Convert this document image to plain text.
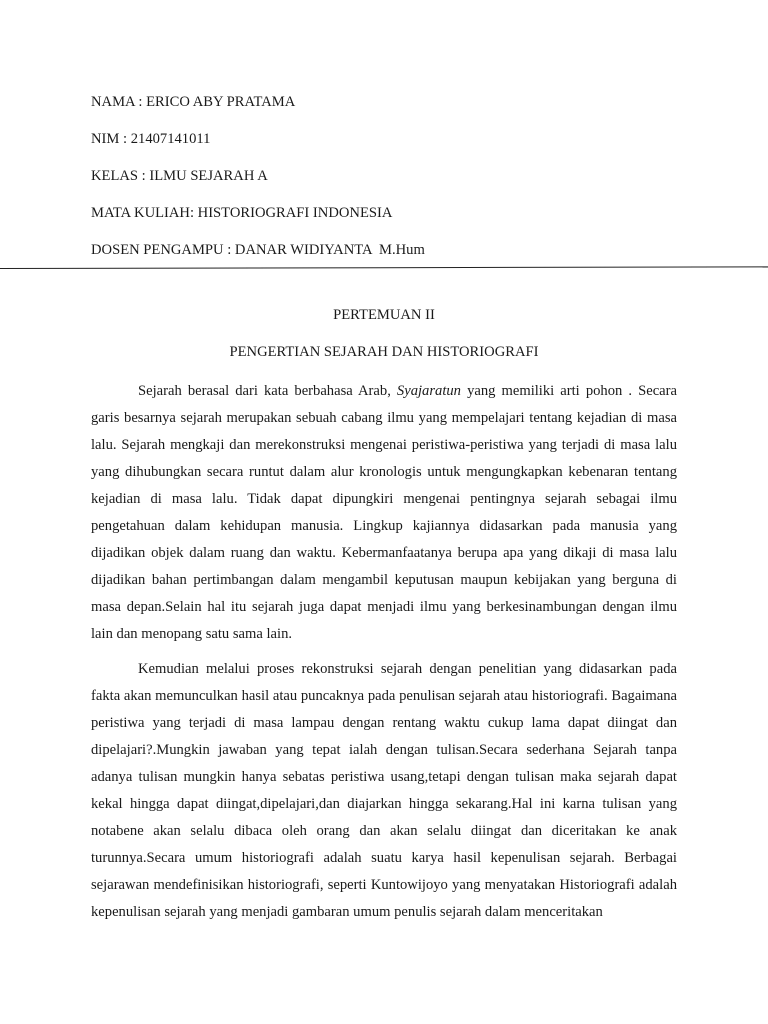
NAMA : ERICO ABY PRATAMA
NIM : 21407141011
KELAS : ILMU SEJARAH A
MATA KULIAH: HISTORIOGRAFI INDONESIA
DOSEN PENGAMPU : DANAR WIDIYANTA  M.Hum
PERTEMUAN II
PENGERTIAN SEJARAH DAN HISTORIOGRAFI

Sejarah berasal dari kata berbahasa Arab, Syajaratun yang memiliki arti pohon . Secara garis besarnya sejarah merupakan sebuah cabang ilmu yang mempelajari tentang kejadian di masa lalu. Sejarah mengkaji dan merekonstruksi mengenai peristiwa-peristiwa yang terjadi di masa lalu yang dihubungkan secara runtut dalam alur kronologis untuk mengungkapkan kebenaran tentang kejadian di masa lalu. Tidak dapat dipungkiri mengenai pentingnya sejarah sebagai ilmu pengetahuan dalam kehidupan manusia. Lingkup kajiannya didasarkan pada manusia yang dijadikan objek dalam ruang dan waktu. Kebermanfaatanya berupa apa yang dikaji di masa lalu dijadikan bahan pertimbangan dalam mengambil keputusan maupun kebijakan yang berguna di masa depan.Selain hal itu sejarah juga dapat menjadi ilmu yang berkesinambungan dengan ilmu lain dan menopang satu sama lain.

Kemudian melalui proses rekonstruksi sejarah dengan penelitian yang didasarkan pada fakta akan memunculkan hasil atau puncaknya pada penulisan sejarah atau historiografi. Bagaimana peristiwa yang terjadi di masa lampau dengan rentang waktu cukup lama dapat diingat dan dipelajari?.Mungkin jawaban yang tepat ialah dengan tulisan.Secara sederhana Sejarah tanpa adanya tulisan mungkin hanya sebatas peristiwa usang,tetapi dengan tulisan maka sejarah dapat kekal hingga dapat diingat,dipelajari,dan diajarkan hingga sekarang.Hal ini karna tulisan yang notabene akan selalu dibaca oleh orang dan akan selalu diingat dan diceritakan ke anak turunnya.Secara umum historiografi adalah suatu karya hasil kepenulisan sejarah. Berbagai sejarawan mendefinisikan historiografi, seperti Kuntowijoyo yang menyatakan Historiografi adalah kepenulisan sejarah yang menjadi gambaran umum penulis sejarah dalam menceritakan
